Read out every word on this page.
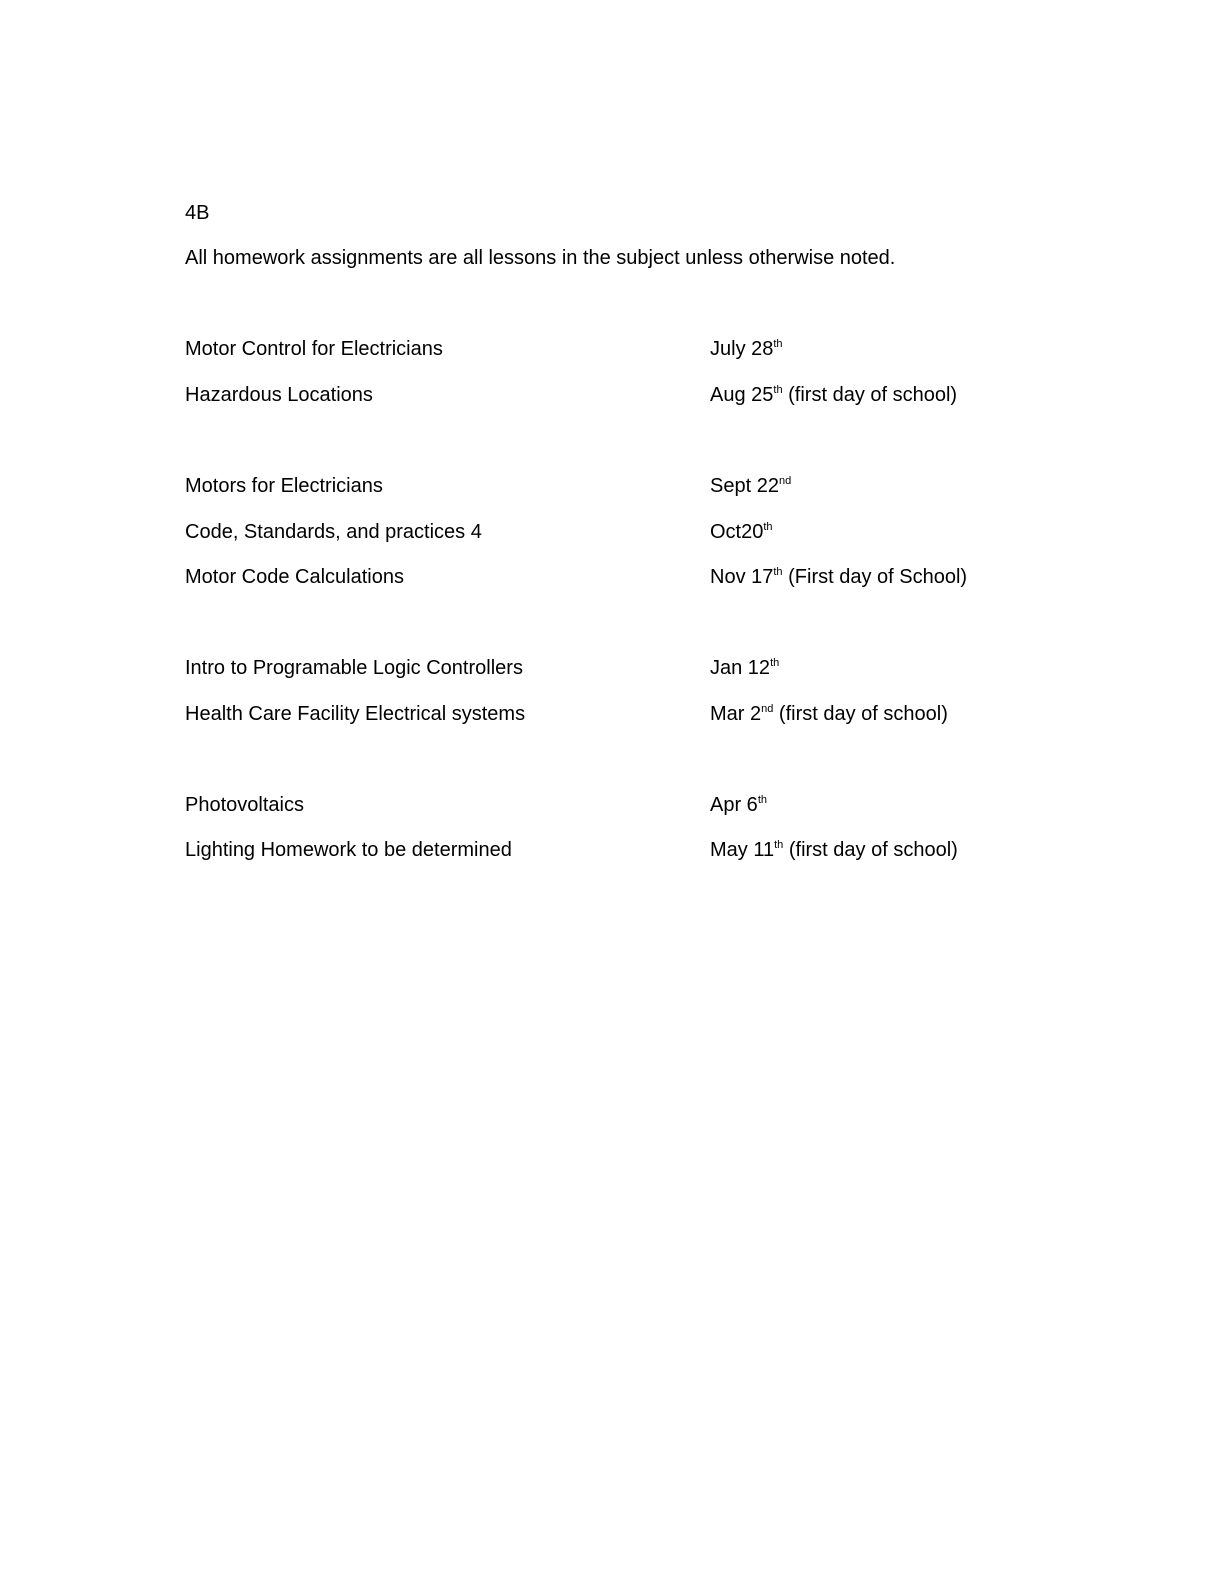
4B
All homework assignments are all lessons in the subject unless otherwise noted.
Motor Control for Electricians	July 28th
Hazardous Locations	Aug 25th (first day of school)
Motors for Electricians	Sept 22nd
Code, Standards, and practices 4	Oct20th
Motor Code Calculations	Nov 17th (First day of School)
Intro to Programable Logic Controllers	Jan 12th
Health Care Facility Electrical systems	Mar 2nd (first day of school)
Photovoltaics	Apr 6th
Lighting Homework to be determined	May 11th (first day of school)
